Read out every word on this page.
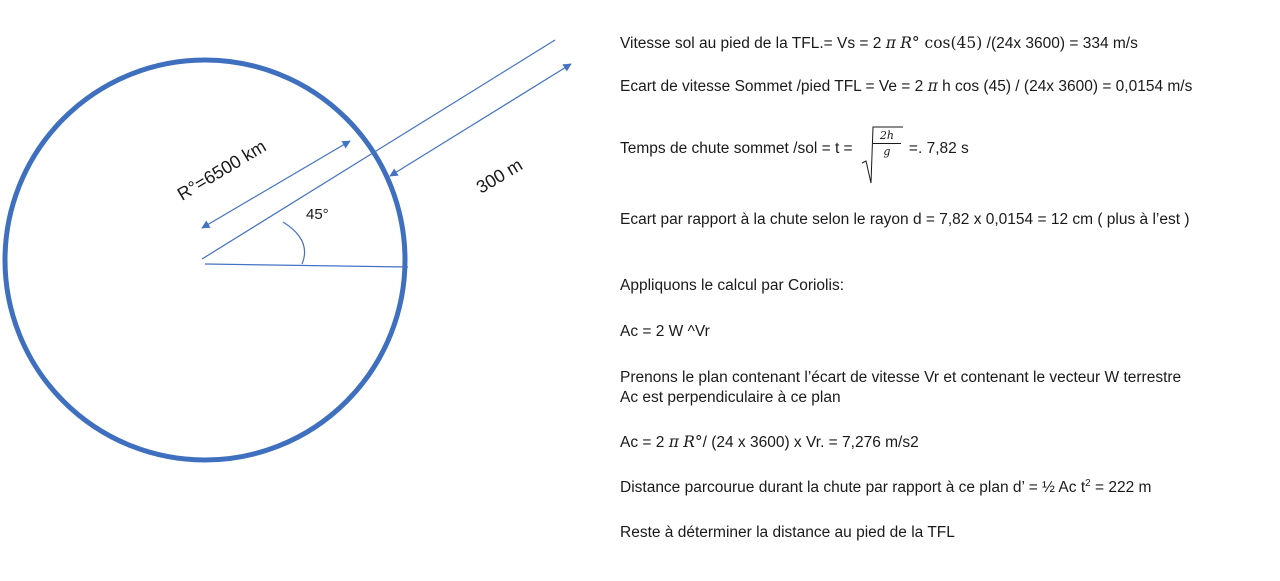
R°=6500 km	300 m
45°
Vitesse sol au pied de la TFL.= Vs = 2 π R° cos(45) /(24x 3600) = 334 m/s
Ecart de vitesse Sommet /pied TFL = Ve = 2 π h cos (45) / (24x 3600) = 0,0154 m/s
Temps de chute sommet /sol = t =
2h
g	=. 7,82 s
Ecart par rapport à la chute selon le rayon d = 7,82 x 0,0154 = 12 cm ( plus à l’est )
Appliquons le calcul par Coriolis:
Ac = 2 W ^Vr
Prenons le plan contenant l’écart de vitesse Vr et contenant le vecteur W terrestre
Ac est perpendiculaire à ce plan
Ac = 2 π R°/ (24 x 3600) x Vr. = 7,276 m/s2
Distance parcourue durant la chute par rapport à ce plan d’ = ½ Ac $t^2 = 222$ m
Reste à déterminer la distance au pied de la TFL
